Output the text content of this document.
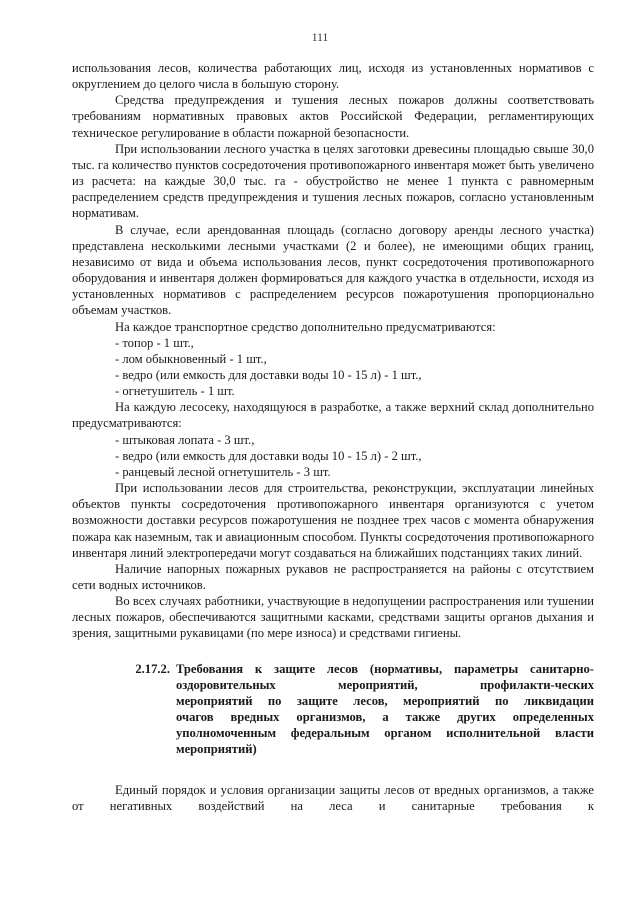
111

использования лесов, количества работающих лиц, исходя из установленных нормативов с округлением до целого числа в большую сторону.

Средства предупреждения и тушения лесных пожаров должны соответствовать требованиям нормативных правовых актов Российской Федерации, регламентирующих техническое регулирование в области пожарной безопасности.

При использовании лесного участка в целях заготовки древесины площадью свыше 30,0 тыс. га количество пунктов сосредоточения противопожарного инвентаря может быть увеличено из расчета: на каждые 30,0 тыс. га - обустройство не менее 1 пункта с равномерным распределением средств предупреждения и тушения лесных пожаров, согласно установленным нормативам.

В случае, если арендованная площадь (согласно договору аренды лесного участка) представлена несколькими лесными участками (2 и более), не имеющими общих границ, независимо от вида и объема использования лесов, пункт сосредоточения противопожарного оборудования и инвентаря должен формироваться для каждого участка в отдельности, исходя из установленных нормативов с распределением ресурсов пожаротушения пропорционально объемам участков.

На каждое транспортное средство дополнительно предусматриваются:

- топор - 1 шт.,

- лом обыкновенный - 1 шт.,

- ведро (или емкость для доставки воды 10 - 15 л) - 1 шт.,

- огнетушитель - 1 шт.

На каждую лесосеку, находящуюся в разработке, а также верхний склад дополнительно предусматриваются:

- штыковая лопата - 3 шт.,

- ведро (или емкость для доставки воды 10 - 15 л) - 2 шт.,

- ранцевый лесной огнетушитель - 3 шт.

При использовании лесов для строительства, реконструкции, эксплуатации линейных объектов пункты сосредоточения противопожарного инвентаря организуются с учетом возможности доставки ресурсов пожаротушения не позднее трех часов с момента обнаружения пожара как наземным, так и авиационным способом. Пункты сосредоточения противопожарного инвентаря линий электропередачи могут создаваться на ближайших подстанциях таких линий.

Наличие напорных пожарных рукавов не распространяется на районы с отсутствием сети водных источников.

Во всех случаях работники, участвующие в недопущении распространения или тушении лесных пожаров, обеспечиваются защитными касками, средствами защиты органов дыхания и зрения, защитными рукавицами (по мере износа) и средствами гигиены.

2.17.2. Требования к защите лесов (нормативы, параметры санитарно-

оздоровительных мероприятий, профилакти-ческих

мероприятий по защите лесов, мероприятий по ликвидации

очагов вредных организмов, а также других определенных

уполномоченным федеральным органом исполнительной власти

мероприятий)

Единый порядок и условия организации защиты лесов от вредных организмов, а также от негативных воздействий на леса и санитарные требования к
